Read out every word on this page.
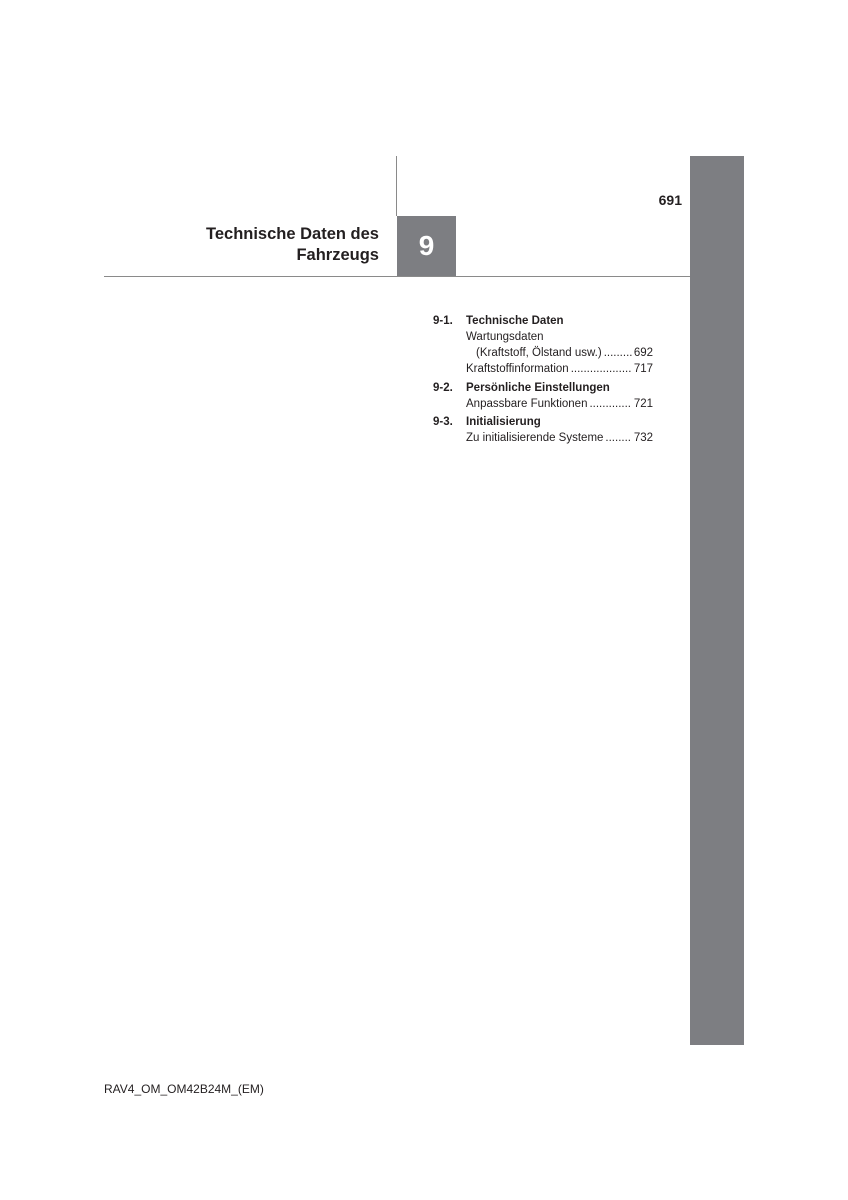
691
Technische Daten des
Fahrzeugs	9
9-1.	Technische Daten
Wartungsdaten
(Kraftstoff, Ölstand usw.) .....	692
Kraftstoffinformation .....	717
9-2.	Persönliche Einstellungen
Anpassbare Funktionen .....	721
9-3.	Initialisierung
Zu initialisierende Systeme .....	732
RAV4_OM_OM42B24M_(EM)
